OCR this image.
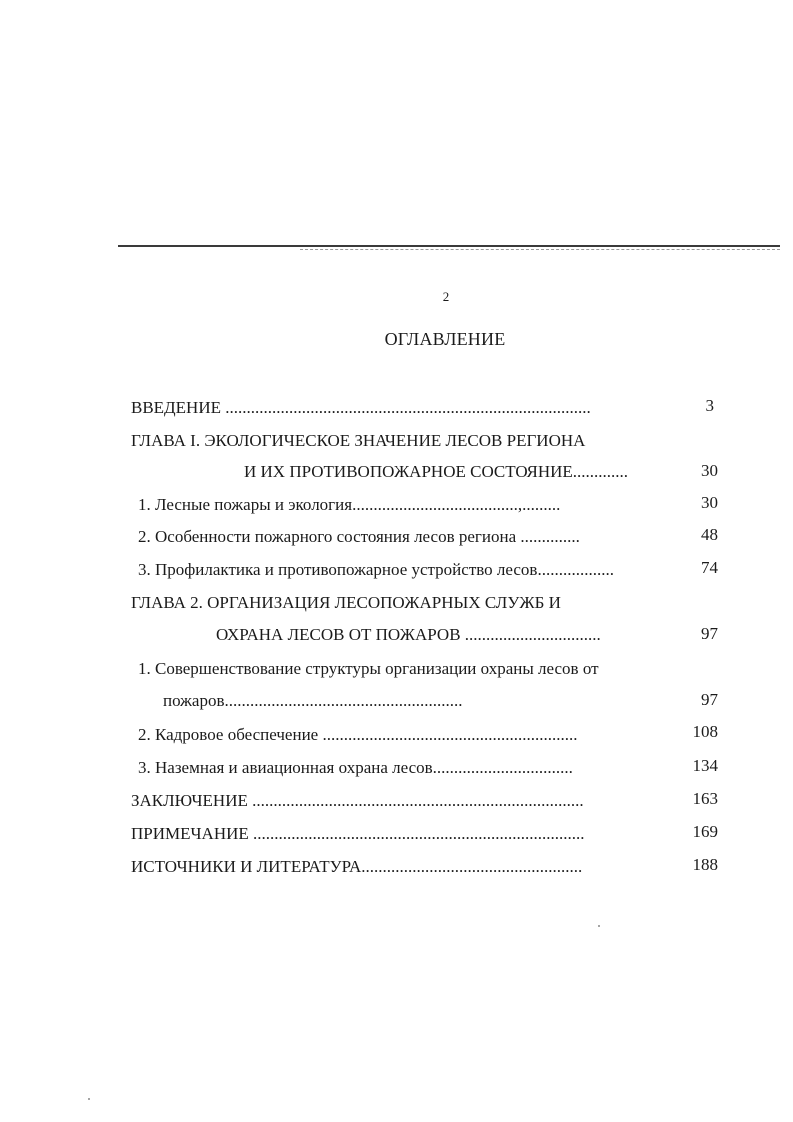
2
ОГЛАВЛЕНИЕ
ВВЕДЕНИЕ ......................................................................................	3
ГЛАВА I. ЭКОЛОГИЧЕСКОЕ ЗНАЧЕНИЕ ЛЕСОВ РЕГИОНА
И ИХ ПРОТИВОПОЖАРНОЕ СОСТОЯНИЕ.............	30
1. Лесные пожары и экология.......................................,.........	30
2. Особенности пожарного состояния лесов региона ..............	48
3. Профилактика и противопожарное устройство лесов..................	74
ГЛАВА 2. ОРГАНИЗАЦИЯ ЛЕСОПОЖАРНЫХ СЛУЖБ И
ОХРАНА ЛЕСОВ ОТ ПОЖАРОВ ................................	97
1. Совершенствование структуры организации охраны лесов от
пожаров........................................................	97
2. Кадровое обеспечение ............................................................	108
3. Наземная и авиационная охрана лесов.................................	134
ЗАКЛЮЧЕНИЕ ..............................................................................	163
ПРИМЕЧАНИЕ ..............................................................................	169
ИСТОЧНИКИ И ЛИТЕРАТУРА....................................................	188
